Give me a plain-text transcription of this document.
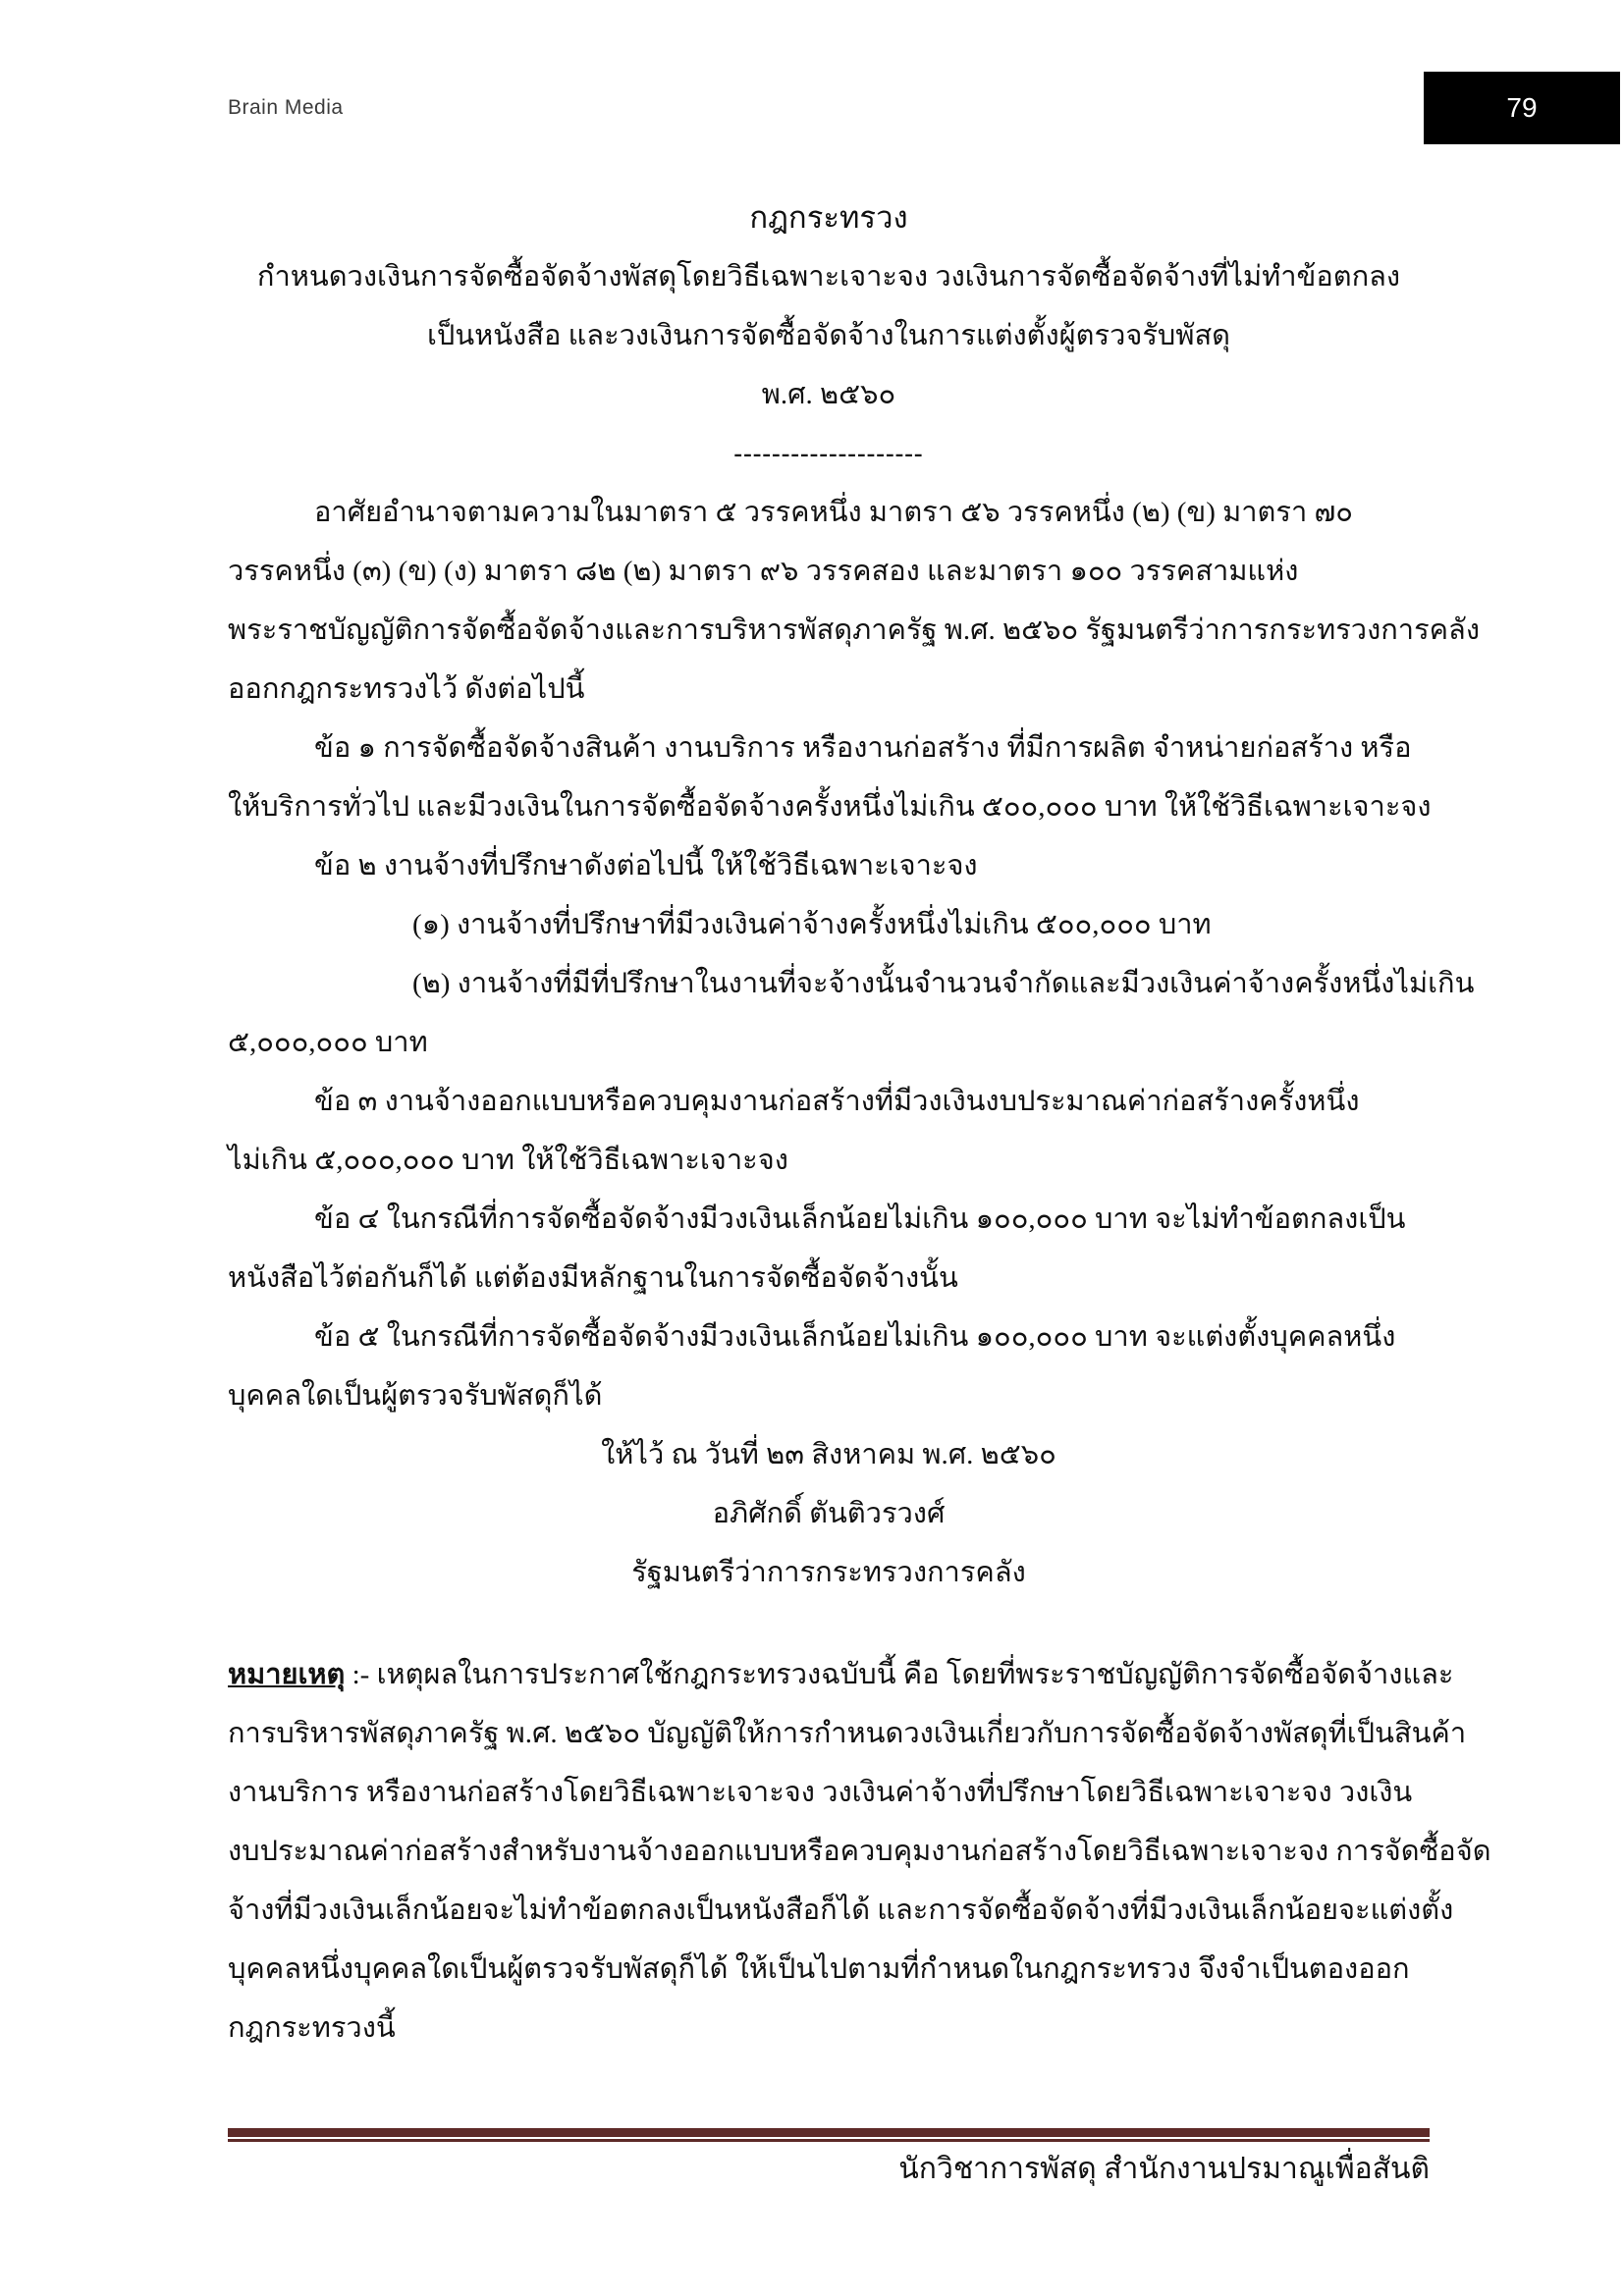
Brain Media	79
กฎกระทรวง
กำหนดวงเงินการจัดซื้อจัดจ้างพัสดุโดยวิธีเฉพาะเจาะจง วงเงินการจัดซื้อจัดจ้างที่ไม่ทำข้อตกลง
เป็นหนังสือ และวงเงินการจัดซื้อจัดจ้างในการแต่งตั้งผู้ตรวจรับพัสดุ
พ.ศ. ๒๕๖๐
--------------------
อาศัยอำนาจตามความในมาตรา ๕ วรรคหนึ่ง มาตรา ๕๖ วรรคหนึ่ง (๒) (ข) มาตรา ๗๐
วรรคหนึ่ง (๓) (ข) (ง) มาตรา ๘๒ (๒) มาตรา ๙๖ วรรคสอง และมาตรา ๑๐๐ วรรคสามแห่ง
พระราชบัญญัติการจัดซื้อจัดจ้างและการบริหารพัสดุภาครัฐ พ.ศ. ๒๕๖๐ รัฐมนตรีว่าการกระทรวงการคลัง
ออกกฎกระทรวงไว้ ดังต่อไปนี้
ข้อ ๑ การจัดซื้อจัดจ้างสินค้า งานบริการ หรืองานก่อสร้าง ที่มีการผลิต จำหน่ายก่อสร้าง หรือ
ให้บริการทั่วไป และมีวงเงินในการจัดซื้อจัดจ้างครั้งหนึ่งไม่เกิน ๕๐๐,๐๐๐ บาท ให้ใช้วิธีเฉพาะเจาะจง
ข้อ ๒ งานจ้างที่ปรึกษาดังต่อไปนี้ ให้ใช้วิธีเฉพาะเจาะจง
(๑) งานจ้างที่ปรึกษาที่มีวงเงินค่าจ้างครั้งหนึ่งไม่เกิน ๕๐๐,๐๐๐ บาท
(๒) งานจ้างที่มีที่ปรึกษาในงานที่จะจ้างนั้นจำนวนจำกัดและมีวงเงินค่าจ้างครั้งหนึ่งไม่เกิน
๕,๐๐๐,๐๐๐ บาท
ข้อ ๓ งานจ้างออกแบบหรือควบคุมงานก่อสร้างที่มีวงเงินงบประมาณค่าก่อสร้างครั้งหนึ่ง
ไม่เกิน ๕,๐๐๐,๐๐๐ บาท ให้ใช้วิธีเฉพาะเจาะจง
ข้อ ๔ ในกรณีที่การจัดซื้อจัดจ้างมีวงเงินเล็กน้อยไม่เกิน ๑๐๐,๐๐๐ บาท จะไม่ทำข้อตกลงเป็น
หนังสือไว้ต่อกันก็ได้ แต่ต้องมีหลักฐานในการจัดซื้อจัดจ้างนั้น
ข้อ ๕ ในกรณีที่การจัดซื้อจัดจ้างมีวงเงินเล็กน้อยไม่เกิน ๑๐๐,๐๐๐ บาท จะแต่งตั้งบุคคลหนึ่ง
บุคคลใดเป็นผู้ตรวจรับพัสดุก็ได้
ให้ไว้ ณ วันที่ ๒๓ สิงหาคม พ.ศ. ๒๕๖๐
อภิศักดิ์ ตันติวรวงศ์
รัฐมนตรีว่าการกระทรวงการคลัง
หมายเหตุ :- เหตุผลในการประกาศใช้กฎกระทรวงฉบับนี้ คือ โดยที่พระราชบัญญัติการจัดซื้อจัดจ้างและ
การบริหารพัสดุภาครัฐ พ.ศ. ๒๕๖๐ บัญญัติให้การกำหนดวงเงินเกี่ยวกับการจัดซื้อจัดจ้างพัสดุที่เป็นสินค้า
งานบริการ หรืองานก่อสร้างโดยวิธีเฉพาะเจาะจง วงเงินค่าจ้างที่ปรึกษาโดยวิธีเฉพาะเจาะจง วงเงิน
งบประมาณค่าก่อสร้างสำหรับงานจ้างออกแบบหรือควบคุมงานก่อสร้างโดยวิธีเฉพาะเจาะจง การจัดซื้อจัด
จ้างที่มีวงเงินเล็กน้อยจะไม่ทำข้อตกลงเป็นหนังสือก็ได้ และการจัดซื้อจัดจ้างที่มีวงเงินเล็กน้อยจะแต่งตั้ง
บุคคลหนึ่งบุคคลใดเป็นผู้ตรวจรับพัสดุก็ได้ ให้เป็นไปตามที่กำหนดในกฎกระทรวง จึงจำเป็นตองออก
กฎกระทรวงนี้
นักวิชาการพัสดุ สำนักงานปรมาณูเพื่อสันติ
